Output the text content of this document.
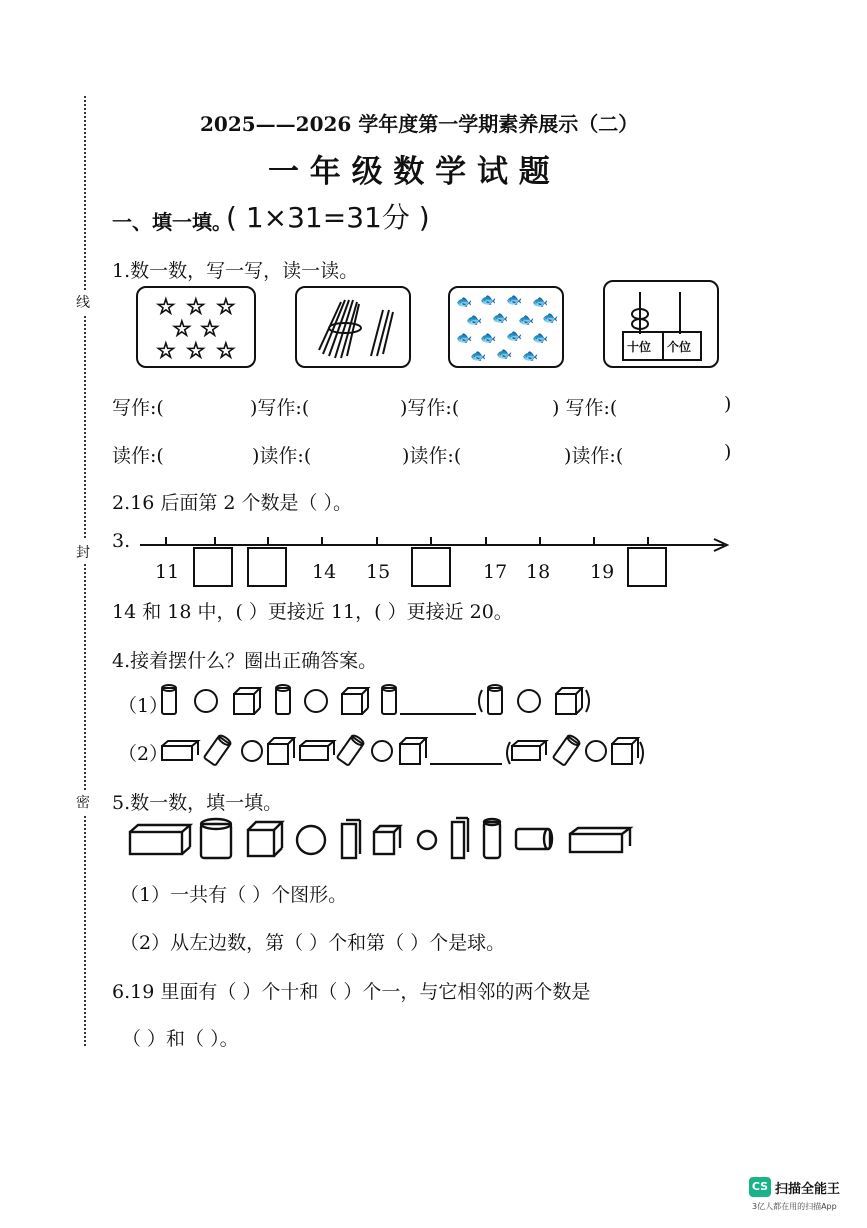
线
封
密
2025——2026 学年度第一学期素养展示（二）
一 年 级 数 学 试 题
一、填一填。
( 1×31=31分 )
1.数一数，写一写，读一读。
☆ ☆ ☆
☆ ☆
☆ ☆ ☆
🐟 🐟 🐟 🐟
🐟 🐟 🐟 🐟
🐟 🐟 🐟 🐟
🐟 🐟 🐟
十位 个位
写作:(	)写作:(	)写作:(	) 写作:(	)
读作:(	)读作:(	)读作:(	)读作:(	)
2.16 后面第 2 个数是（ ）。
3.
11	14 15	17 18 19
14 和 18 中，( ）更接近 11，( ）更接近 20。
4.接着摆什么？圈出正确答案。
（1）
（2）
5.数一数，填一填。
（1）一共有（ ）个图形。
（2）从左边数，第（ ）个和第（ ）个是球。
6.19 里面有（ ）个十和（ ）个一，与它相邻的两个数是
（ ）和（ ）。
CS 扫描全能王
3亿人都在用的扫描App
